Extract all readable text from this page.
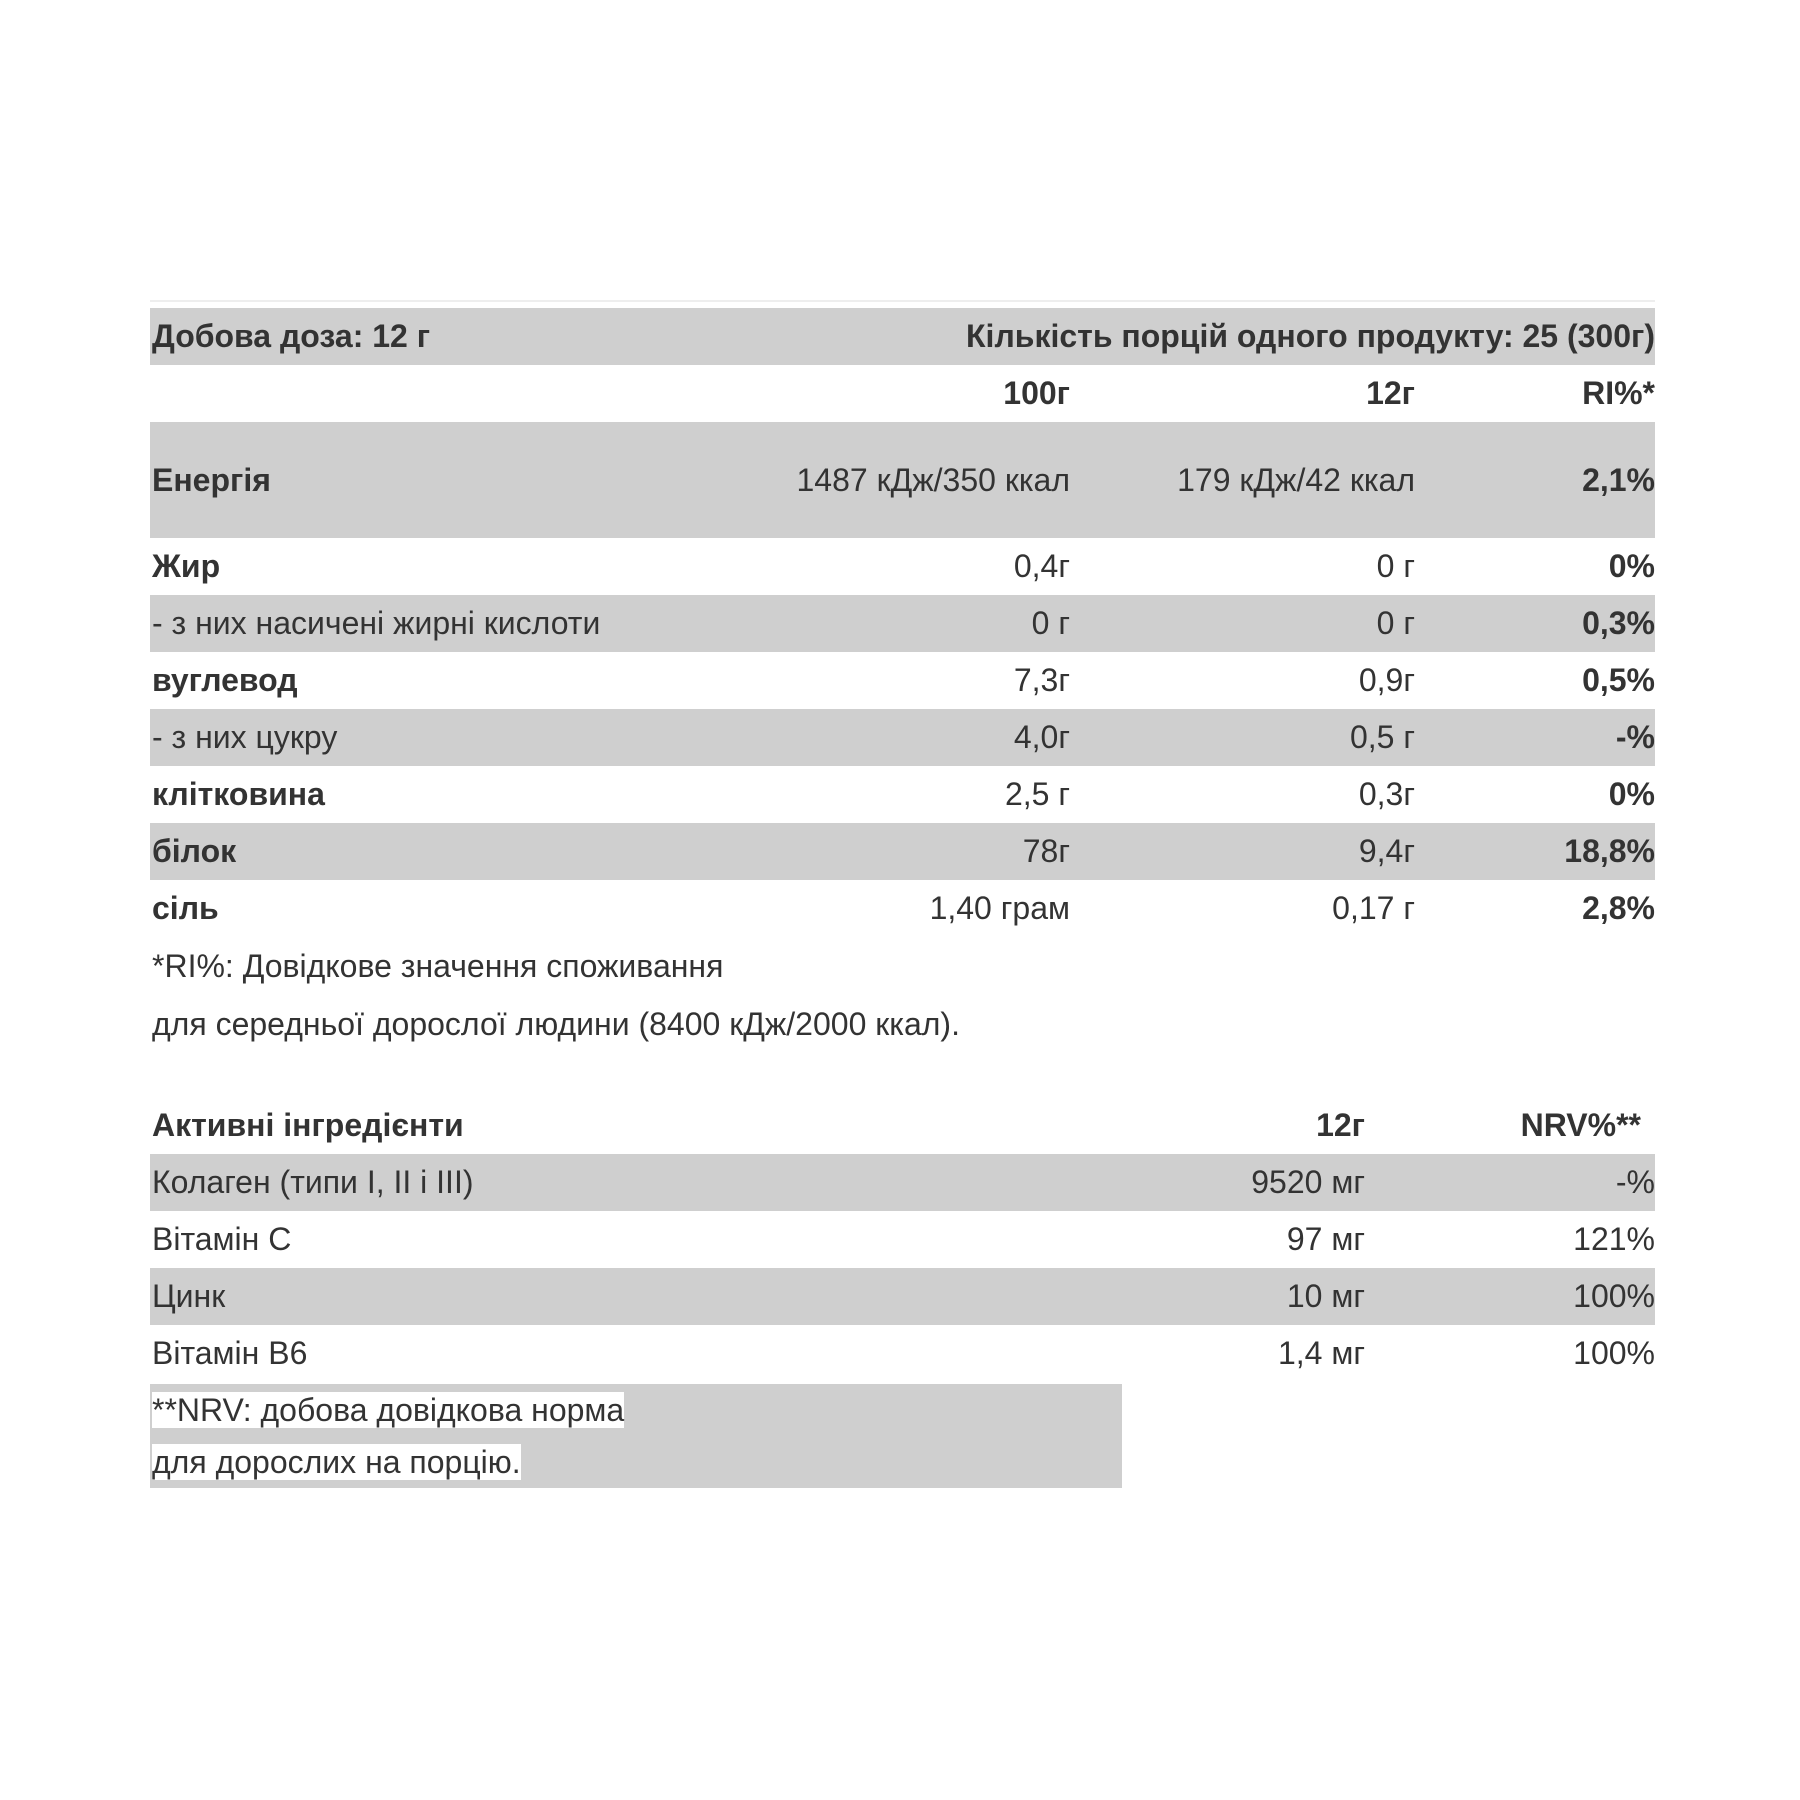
Добова доза: 12 г	Кількість порцій одного продукту: 25 (300г)
100г	12г	RI%*
Енергія	1487 кДж/350 ккал	179 кДж/42 ккал	2,1%
Жир	0,4г	0 г	0%
- з них насичені жирні кислоти	0 г	0 г	0,3%
вуглевод	7,3г	0,9г	0,5%
- з них цукру	4,0г	0,5 г	-%
клітковина	2,5 г	0,3г	0%
білок	78г	9,4г	18,8%
сіль	1,40 грам	0,17 г	2,8%
*RI%: Довідкове значення споживання
для середньої дорослої людини (8400 кДж/2000 ккал).
Активні інгредієнти	12г	NRV%**
Колаген (типи I, II і III)	9520 мг	-%
Вітамін C	97 мг	121%
Цинк	10 мг	100%
Вітамін B6	1,4 мг	100%
**NRV: добова довідкова норма
для дорослих на порцію.
